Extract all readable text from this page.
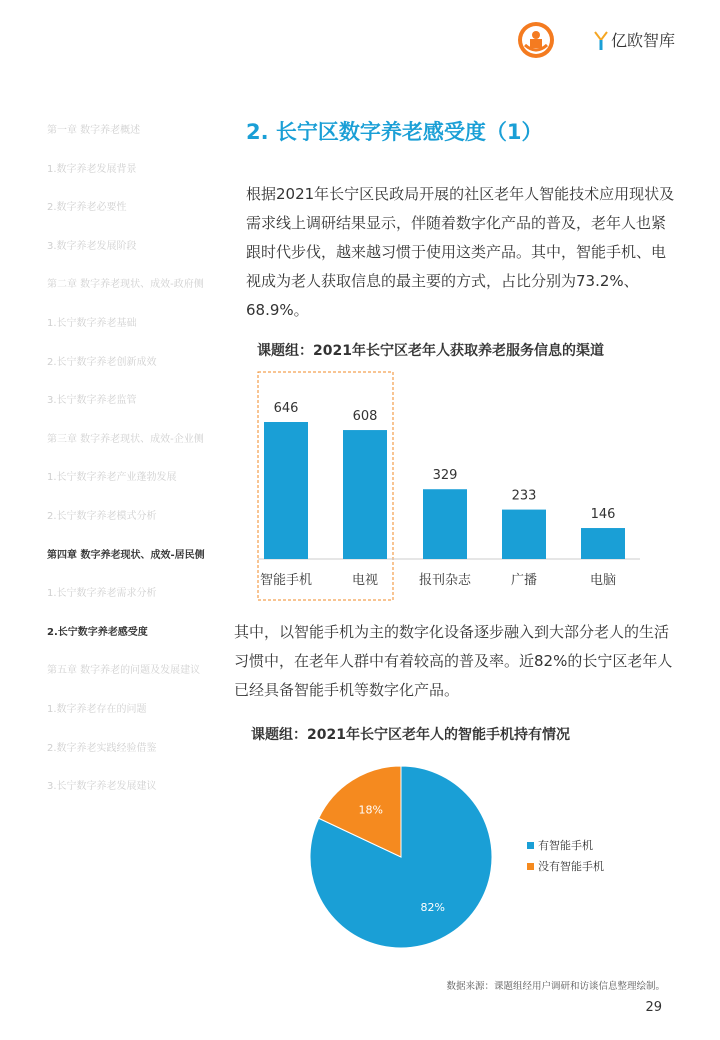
亿欧智库
第一章 数字养老概述
1.数字养老发展背景
2.数字养老必要性
3.数字养老发展阶段
第二章 数字养老现状、成效-政府侧
1.长宁数字养老基础
2.长宁数字养老创新成效
3.长宁数字养老监管
第三章 数字养老现状、成效-企业侧
1.长宁数字养老产业蓬勃发展
2.长宁数字养老模式分析
第四章 数字养老现状、成效-居民侧
1.长宁数字养老需求分析
2.长宁数字养老感受度
第五章 数字养老的问题及发展建议
1.数字养老存在的问题
2.数字养老实践经验借鉴
3.长宁数字养老发展建议
2. 长宁区数字养老感受度（1）
根据2021年长宁区民政局开展的社区老年人智能技术应用现状及需求线上调研结果显示，伴随着数字化产品的普及，老年人也紧跟时代步伐，越来越习惯于使用这类产品。其中，智能手机、电视成为老人获取信息的最主要的方式，占比分别为73.2%、68.9%。
课题组：2021年长宁区老年人获取养老服务信息的渠道
646
智能手机
608
电视
329
报刊杂志
233
广播
146
电脑
其中，以智能手机为主的数字化设备逐步融入到大部分老人的生活习惯中，在老年人群中有着较高的普及率。近82%的长宁区老年人已经具备智能手机等数字化产品。
课题组：2021年长宁区老年人的智能手机持有情况
82%
18%
有智能手机
没有智能手机
数据来源：课题组经用户调研和访谈信息整理绘制。
29
